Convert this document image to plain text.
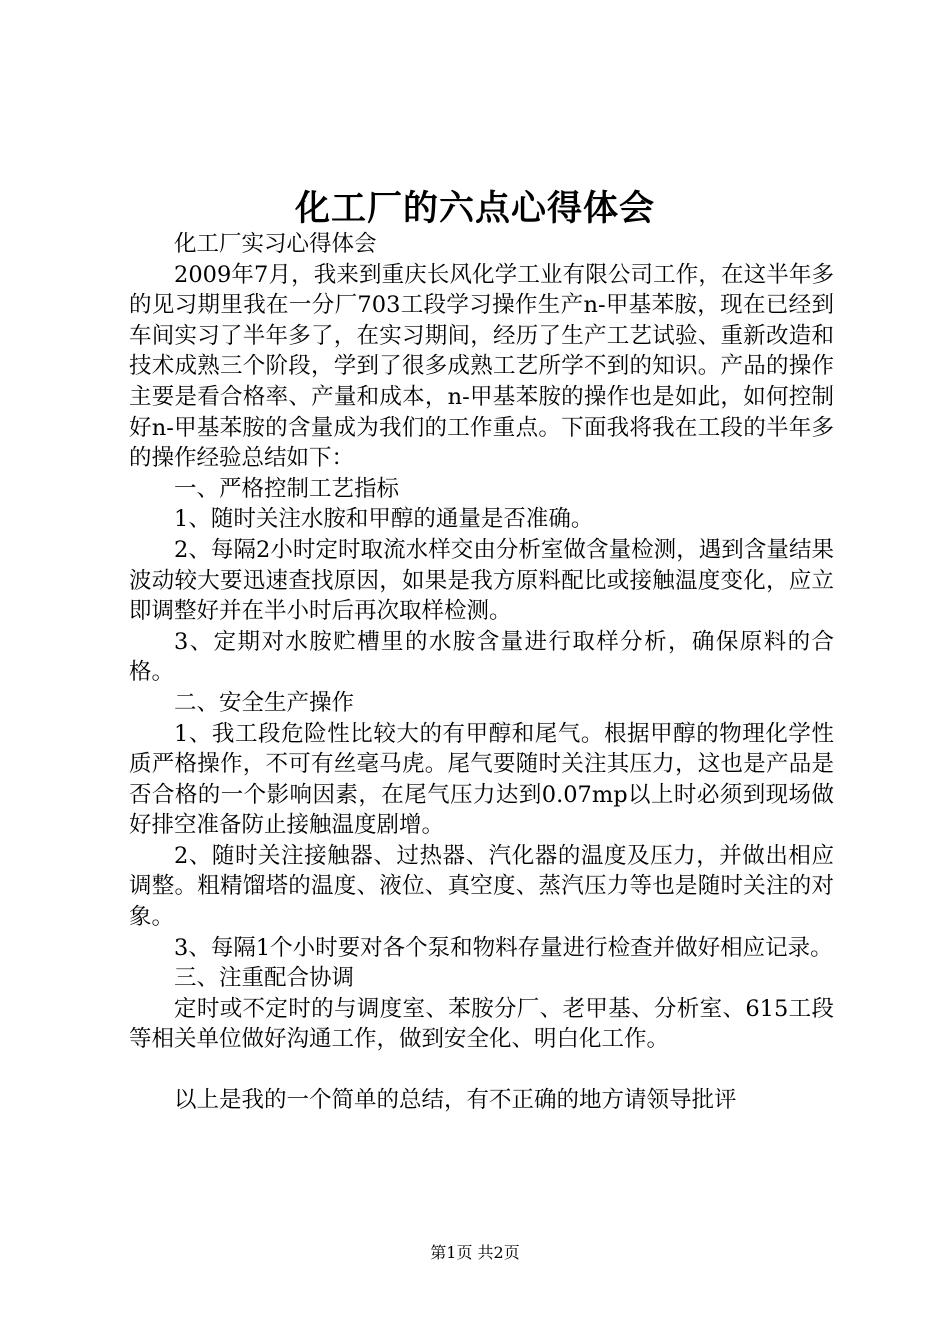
化工厂的六点心得体会

化工厂实习心得体会

2009年7月，我来到重庆长风化学工业有限公司工作，在这半年多的见习期里我在一分厂703工段学习操作生产n-甲基苯胺，现在已经到车间实习了半年多了，在实习期间，经历了生产工艺试验、重新改造和技术成熟三个阶段，学到了很多成熟工艺所学不到的知识。产品的操作主要是看合格率、产量和成本，n-甲基苯胺的操作也是如此，如何控制好n-甲基苯胺的含量成为我们的工作重点。下面我将我在工段的半年多的操作经验总结如下：

一、严格控制工艺指标

1、随时关注水胺和甲醇的通量是否准确。

2、每隔2小时定时取流水样交由分析室做含量检测，遇到含量结果波动较大要迅速查找原因，如果是我方原料配比或接触温度变化，应立即调整好并在半小时后再次取样检测。

3、定期对水胺贮槽里的水胺含量进行取样分析，确保原料的合格。

二、安全生产操作

1、我工段危险性比较大的有甲醇和尾气。根据甲醇的物理化学性质严格操作，不可有丝毫马虎。尾气要随时关注其压力，这也是产品是否合格的一个影响因素，在尾气压力达到0.07mp以上时必须到现场做好排空准备防止接触温度剧增。

2、随时关注接触器、过热器、汽化器的温度及压力，并做出相应调整。粗精馏塔的温度、液位、真空度、蒸汽压力等也是随时关注的对象。

3、每隔1个小时要对各个泵和物料存量进行检查并做好相应记录。

三、注重配合协调

定时或不定时的与调度室、苯胺分厂、老甲基、分析室、615工段等相关单位做好沟通工作，做到安全化、明白化工作。

以上是我的一个简单的总结，有不正确的地方请领导批评

第1页 共2页
